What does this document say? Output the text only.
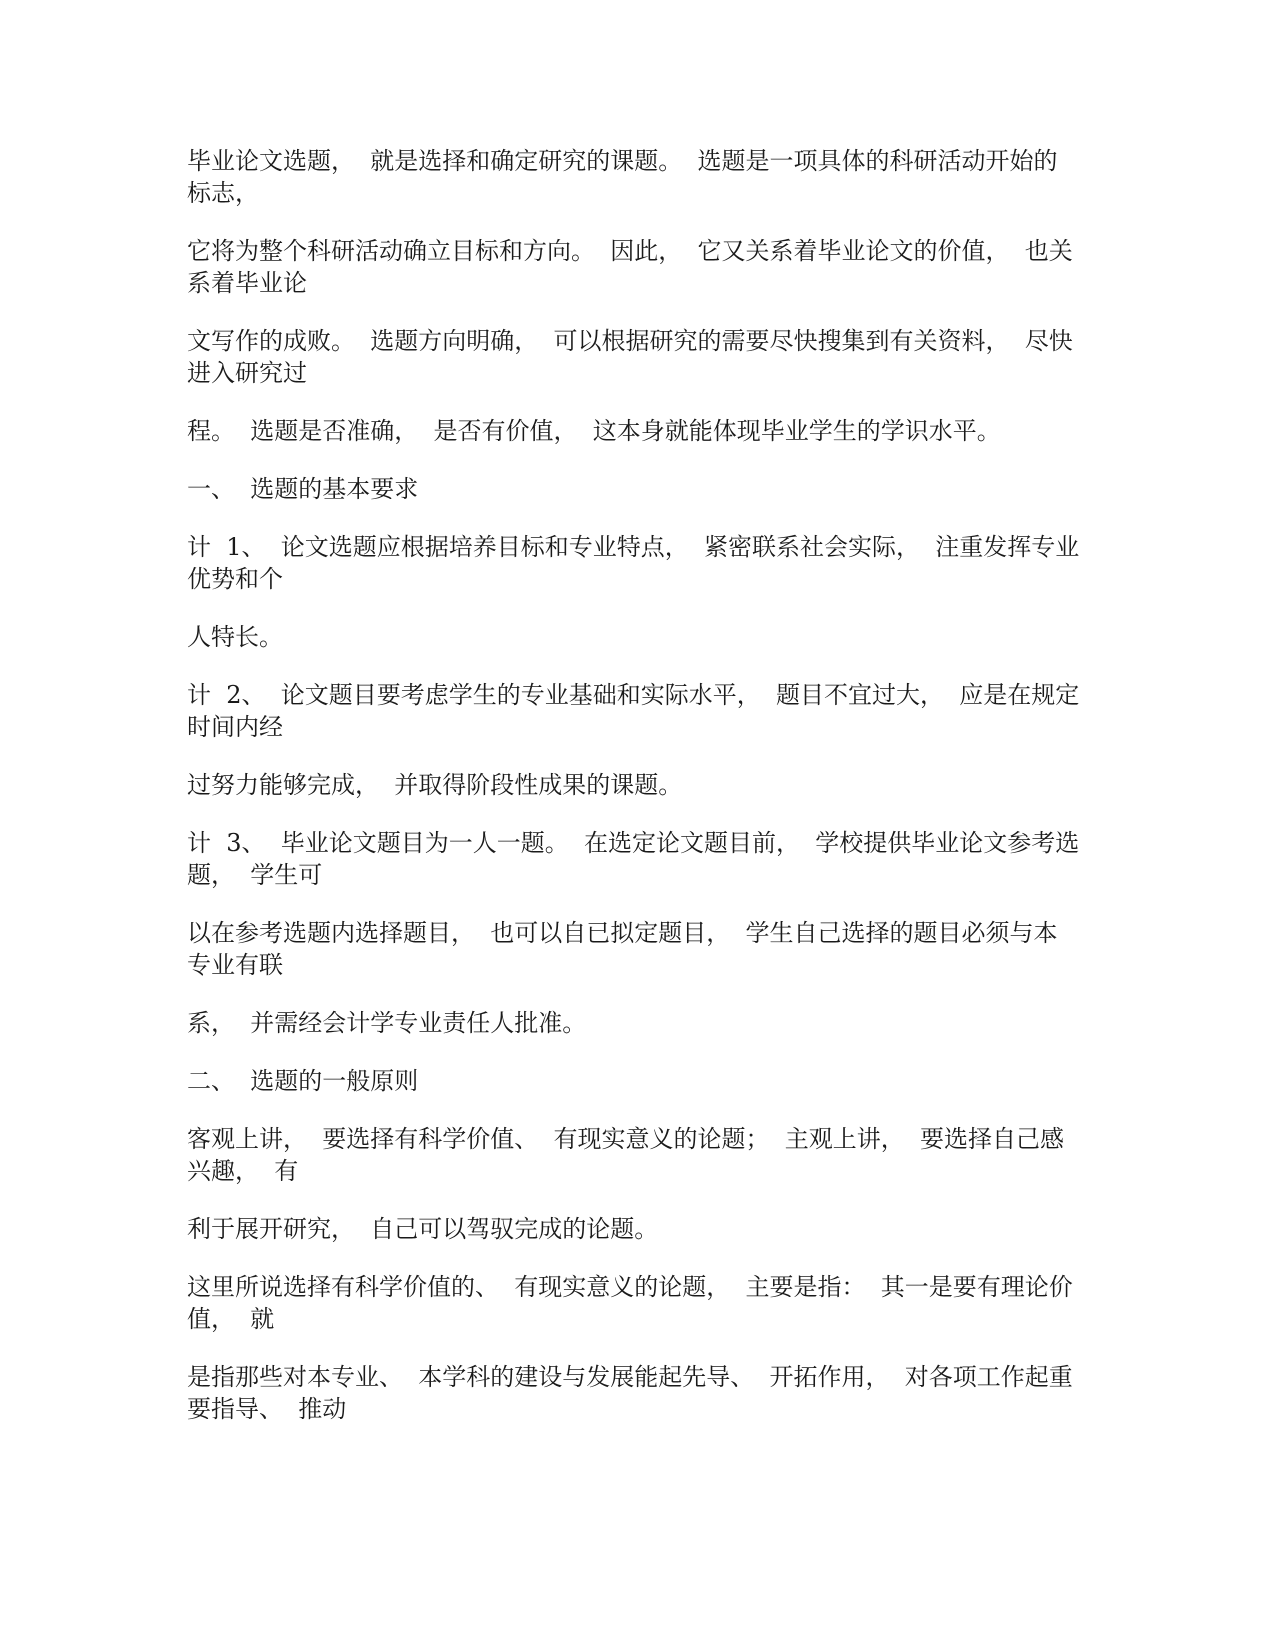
毕业论文选题，  就是选择和确定研究的课题。  选题是一项具体的科研活动开始的
标志，

它将为整个科研活动确立目标和方向。  因此，  它又关系着毕业论文的价值，  也关
系着毕业论

文写作的成败。  选题方向明确，  可以根据研究的需要尽快搜集到有关资料，  尽快
进入研究过

程。  选题是否准确，  是否有价值，  这本身就能体现毕业学生的学识水平。

一、  选题的基本要求

计  1、  论文选题应根据培养目标和专业特点，  紧密联系社会实际，  注重发挥专业
优势和个

人特长。

计  2、  论文题目要考虑学生的专业基础和实际水平，  题目不宜过大，  应是在规定
时间内经

过努力能够完成，  并取得阶段性成果的课题。

计  3、  毕业论文题目为一人一题。  在选定论文题目前，  学校提供毕业论文参考选
题，  学生可

以在参考选题内选择题目，  也可以自已拟定题目，  学生自己选择的题目必须与本
专业有联

系，  并需经会计学专业责任人批准。

二、  选题的一般原则

客观上讲，  要选择有科学价值、  有现实意义的论题；  主观上讲，  要选择自己感
兴趣，  有

利于展开研究，  自己可以驾驭完成的论题。

这里所说选择有科学价值的、  有现实意义的论题，  主要是指：  其一是要有理论价
值，  就

是指那些对本专业、  本学科的建设与发展能起先导、  开拓作用，  对各项工作起重
要指导、  推动
